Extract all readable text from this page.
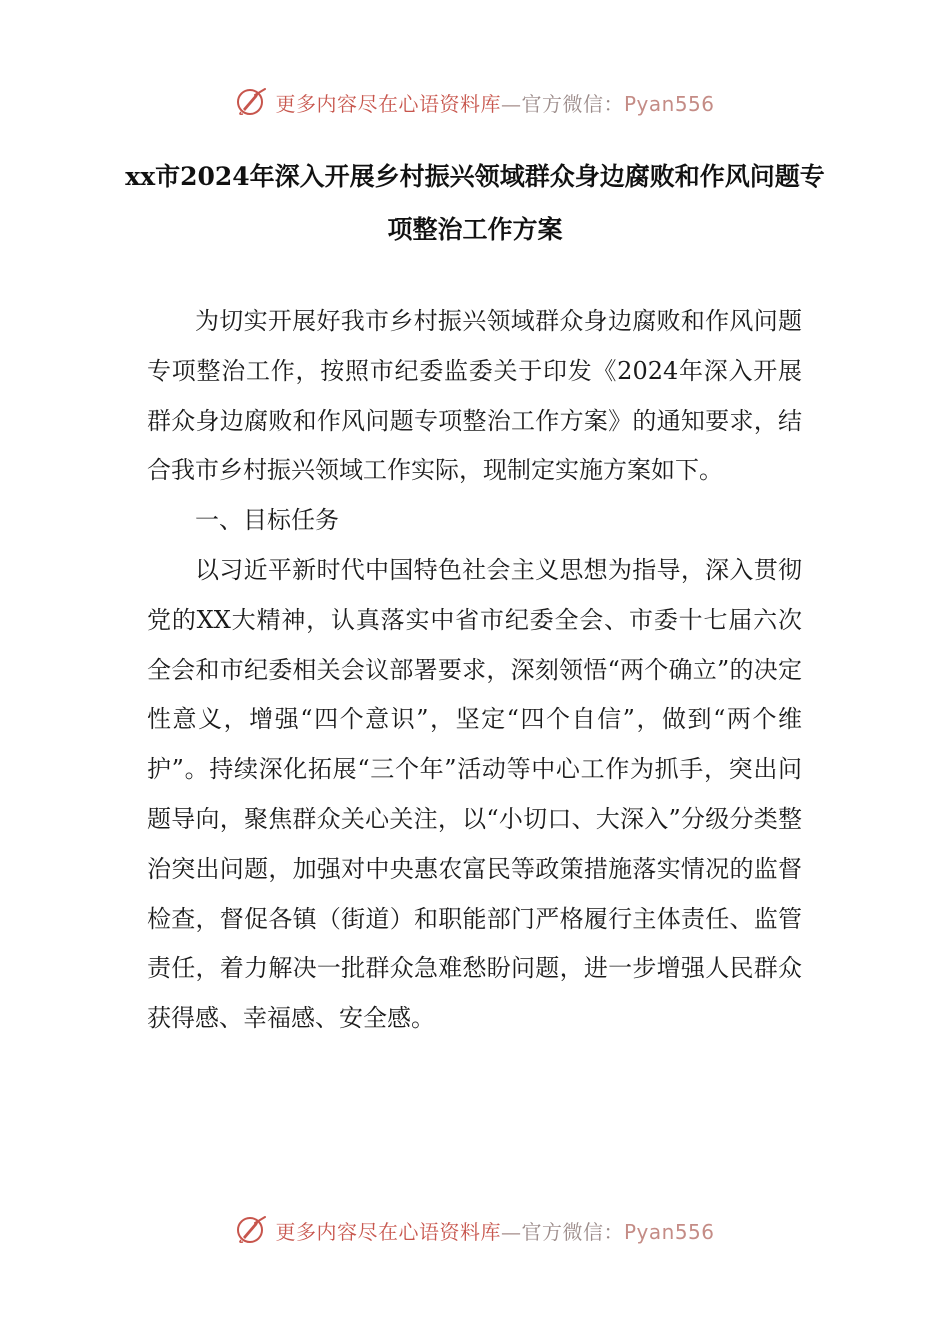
更多内容尽在心语资料库—官方微信：Pyan556
xx市2024年深入开展乡村振兴领域群众身边腐败和作风问题专项整治工作方案

为切实开展好我市乡村振兴领域群众身边腐败和作风问题专项整治工作，按照市纪委监委关于印发《2024年深入开展群众身边腐败和作风问题专项整治工作方案》的通知要求，结合我市乡村振兴领域工作实际，现制定实施方案如下。

一、目标任务

以习近平新时代中国特色社会主义思想为指导，深入贯彻党的XX大精神，认真落实中省市纪委全会、市委十七届六次全会和市纪委相关会议部署要求，深刻领悟“两个确立”的决定性意义，增强“四个意识”，坚定“四个自信”，做到“两个维护”。持续深化拓展“三个年”活动等中心工作为抓手，突出问题导向，聚焦群众关心关注，以“小切口、大深入”分级分类整治突出问题，加强对中央惠农富民等政策措施落实情况的监督检查，督促各镇（街道）和职能部门严格履行主体责任、监管责任，着力解决一批群众急难愁盼问题，进一步增强人民群众获得感、幸福感、安全感。

更多内容尽在心语资料库—官方微信：Pyan556
